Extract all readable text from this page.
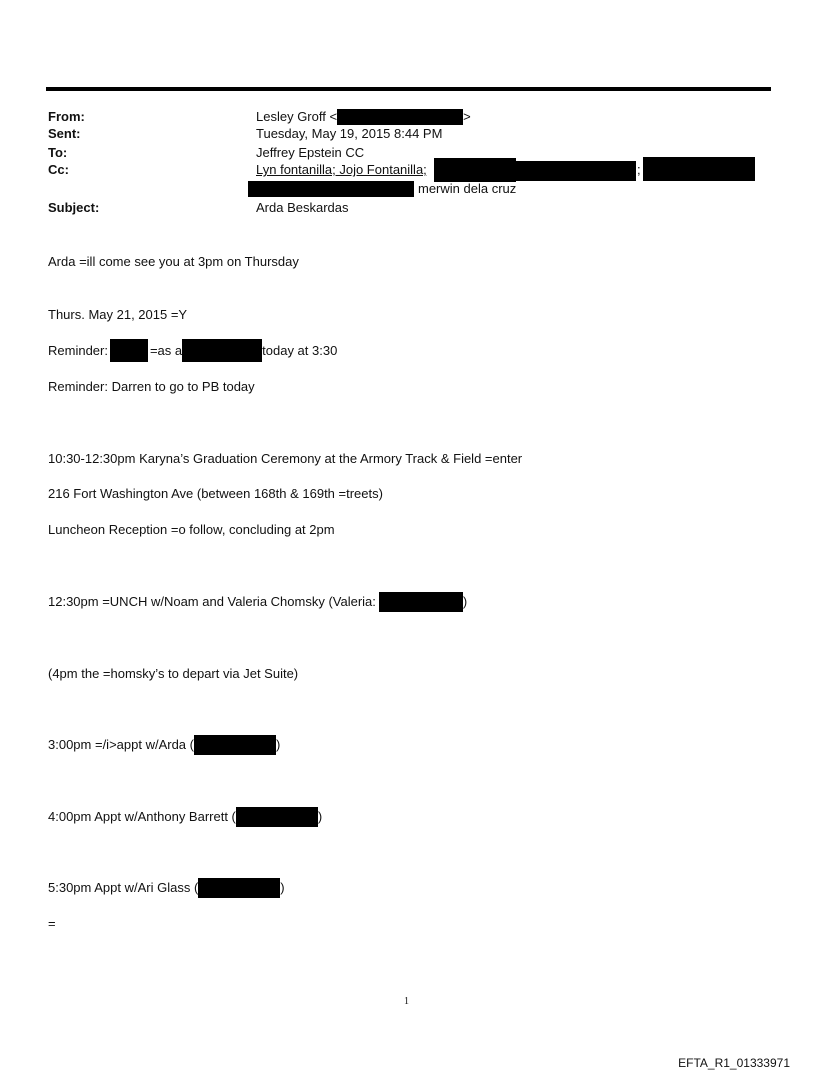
From:	Lesley Groff <	>
Sent:	Tuesday, May 19, 2015 8:44 PM
To:	Jeffrey Epstein CC
Cc:	Lyn fontanilla; Jojo Fontanilla;	;
merwin dela cruz
Subject:	Arda Beskardas
Arda =ill come see you at 3pm on Thursday
Thurs. May 21, 2015 =Y
Reminder:	=as a	today at 3:30
Reminder: Darren to go to PB today
10:30-12:30pm Karyna’s Graduation Ceremony at the Armory Track & Field =enter
216 Fort Washington Ave (between 168th & 169th =treets)
Luncheon Reception =o follow, concluding at 2pm
12:30pm =UNCH w/Noam and Valeria Chomsky (Valeria:	)
(4pm the =homsky’s to depart via Jet Suite)
3:00pm =/i>appt w/Arda (	)
4:00pm Appt w/Anthony Barrett (	)
5:30pm Appt w/Ari Glass (	)
=
1
EFTA_R1_01333971
